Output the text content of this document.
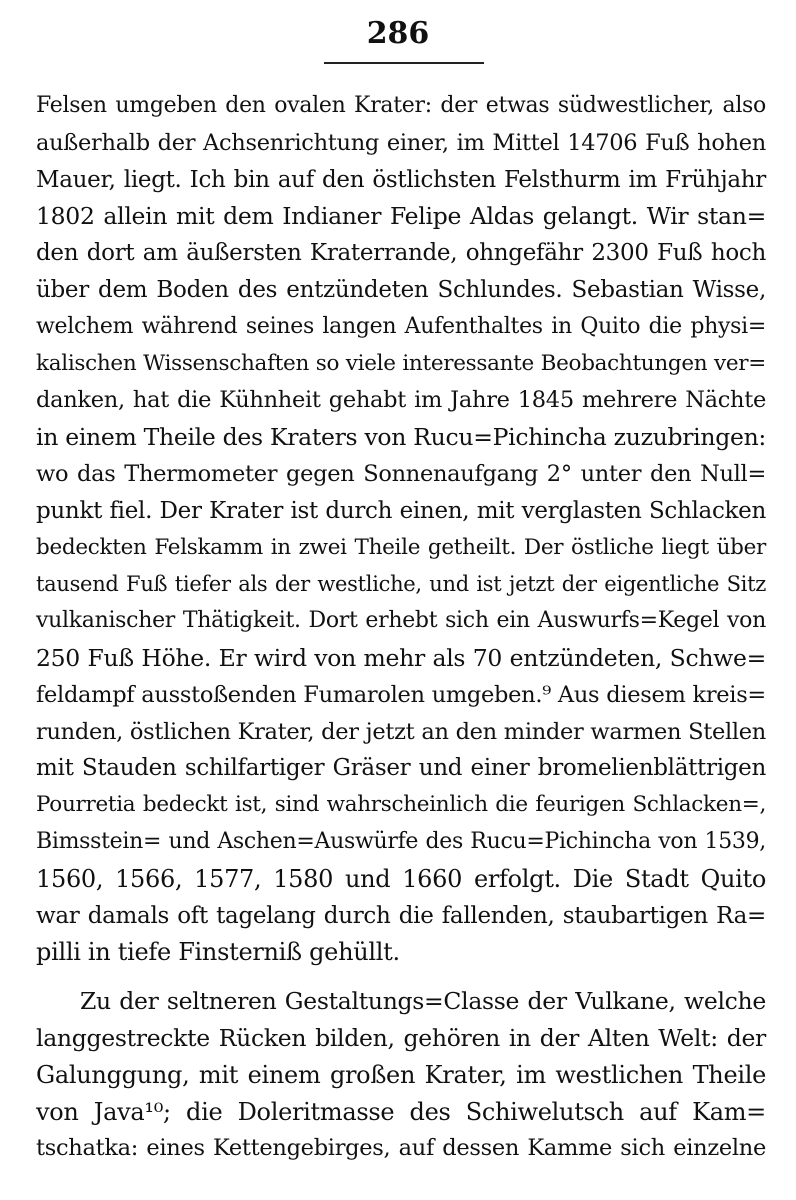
286
Felsen umgeben den ovalen Krater: der etwas südwestlicher, also
außerhalb der Achsenrichtung einer, im Mittel 14706 Fuß hohen
Mauer, liegt. Ich bin auf den östlichsten Felsthurm im Frühjahr
1802 allein mit dem Indianer Felipe Aldas gelangt. Wir stan=
den dort am äußersten Kraterrande, ohngefähr 2300 Fuß hoch
über dem Boden des entzündeten Schlundes. Sebastian Wisse,
welchem während seines langen Aufenthaltes in Quito die physi=
kalischen Wissenschaften so viele interessante Beobachtungen ver=
danken, hat die Kühnheit gehabt im Jahre 1845 mehrere Nächte
in einem Theile des Kraters von Rucu=Pichincha zuzubringen:
wo das Thermometer gegen Sonnenaufgang 2° unter den Null=
punkt fiel. Der Krater ist durch einen, mit verglasten Schlacken
bedeckten Felskamm in zwei Theile getheilt. Der östliche liegt über
tausend Fuß tiefer als der westliche, und ist jetzt der eigentliche Sitz
vulkanischer Thätigkeit. Dort erhebt sich ein Auswurfs=Kegel von
250 Fuß Höhe. Er wird von mehr als 70 entzündeten, Schwe=
feldampf ausstoßenden Fumarolen umgeben.⁹ Aus diesem kreis=
runden, östlichen Krater, der jetzt an den minder warmen Stellen
mit Stauden schilfartiger Gräser und einer bromelienblättrigen
Pourretia bedeckt ist, sind wahrscheinlich die feurigen Schlacken=,
Bimsstein= und Aschen=Auswürfe des Rucu=Pichincha von 1539,
1560, 1566, 1577, 1580 und 1660 erfolgt. Die Stadt Quito
war damals oft tagelang durch die fallenden, staubartigen Ra=
pilli in tiefe Finsterniß gehüllt.
Zu der seltneren Gestaltungs=Classe der Vulkane, welche
langgestreckte Rücken bilden, gehören in der Alten Welt: der
Galunggung, mit einem großen Krater, im westlichen Theile
von Java¹⁰; die Doleritmasse des Schiwelutsch auf Kam=
tschatka: eines Kettengebirges, auf dessen Kamme sich einzelne
